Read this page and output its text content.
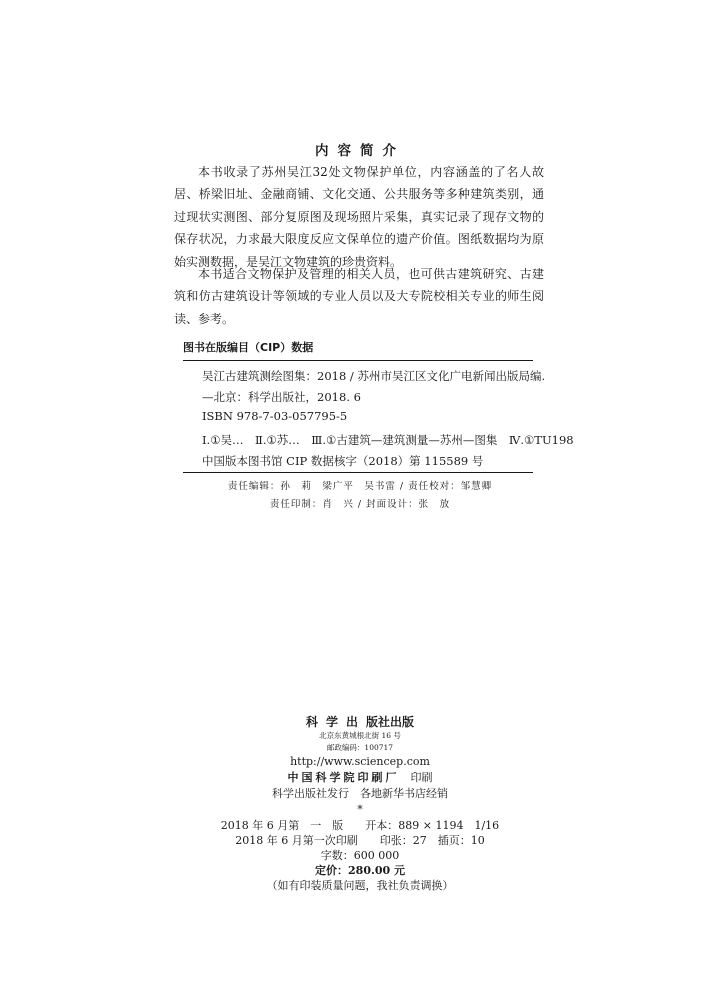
内容简介

本书收录了苏州吴江32处文物保护单位，内容涵盖的了名人故居、桥梁旧址、金融商铺、文化交通、公共服务等多种建筑类别，通过现状实测图、部分复原图及现场照片采集，真实记录了现存文物的保存状况，力求最大限度反应文保单位的遗产价值。图纸数据均为原始实测数据，是吴江文物建筑的珍贵资料。

本书适合文物保护及管理的相关人员，也可供古建筑研究、古建筑和仿古建筑设计等领域的专业人员以及大专院校相关专业的师生阅读、参考。

图书在版编目（CIP）数据
吴江古建筑测绘图集：2018 / 苏州市吴江区文化广电新闻出版局编.
—北京：科学出版社，2018. 6
ISBN 978-7-03-057795-5
Ⅰ.①吴…　Ⅱ.①苏…　Ⅲ.①古建筑—建筑测量—苏州—图集　Ⅳ.①TU198
中国版本图书馆 CIP 数据核字（2018）第 115589 号
责任编辑：孙　莉　梁广平　吴书雷 / 责任校对：邹慧卿
责任印制：肖　兴 / 封面设计：张　放
科学出版社出版
北京东黄城根北街 16 号
邮政编码：100717
http://www.sciencep.com
中国科学院印刷厂　 印刷
科学出版社发行　各地新华书店经销
*
2018 年 6 月第　一　版　　开本：889 × 1194　1/16
2018 年 6 月第一次印刷　　印张：27　插页：10
字数：600 000
定价：280.00 元
（如有印装质量问题，我社负责调换）
